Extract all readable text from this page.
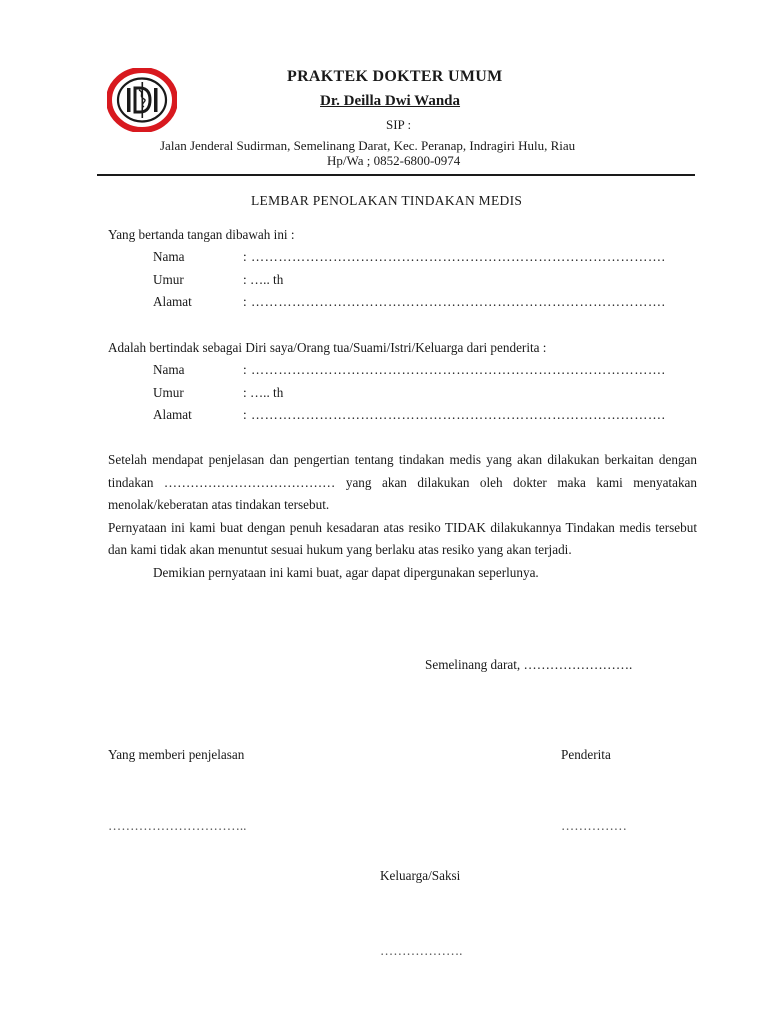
PRAKTEK DOKTER UMUM
Dr. Deilla Dwi Wanda
SIP :
Jalan Jenderal Sudirman, Semelinang Darat, Kec. Peranap, Indragiri Hulu, Riau
Hp/Wa ; 0852-6800-0974
LEMBAR PENOLAKAN TINDAKAN MEDIS
Yang bertanda tangan dibawah ini :
Nama	: ……………………………………………………………………………….
Umur	: ….. th
Alamat	: ……………………………………………………………………………….
Adalah bertindak sebagai Diri saya/Orang tua/Suami/Istri/Keluarga dari penderita :
Nama	: ……………………………………………………………………………….
Umur	: ….. th
Alamat	: ……………………………………………………………………………….

Setelah mendapat penjelasan dan pengertian tentang tindakan medis yang akan dilakukan berkaitan dengan tindakan ………………………………… yang akan dilakukan oleh dokter maka kami menyatakan menolak/keberatan atas tindakan tersebut.

Pernyataan ini kami buat dengan penuh kesadaran atas resiko TIDAK dilakukannya Tindakan medis tersebut dan kami tidak akan menuntut sesuai hukum yang berlaku atas resiko yang akan terjadi.

Demikian pernyataan ini kami buat, agar dapat dipergunakan seperlunya.

Semelinang darat, …………………….
Yang memberi penjelasan	Penderita
…………………………..	……………
Keluarga/Saksi
……………….
